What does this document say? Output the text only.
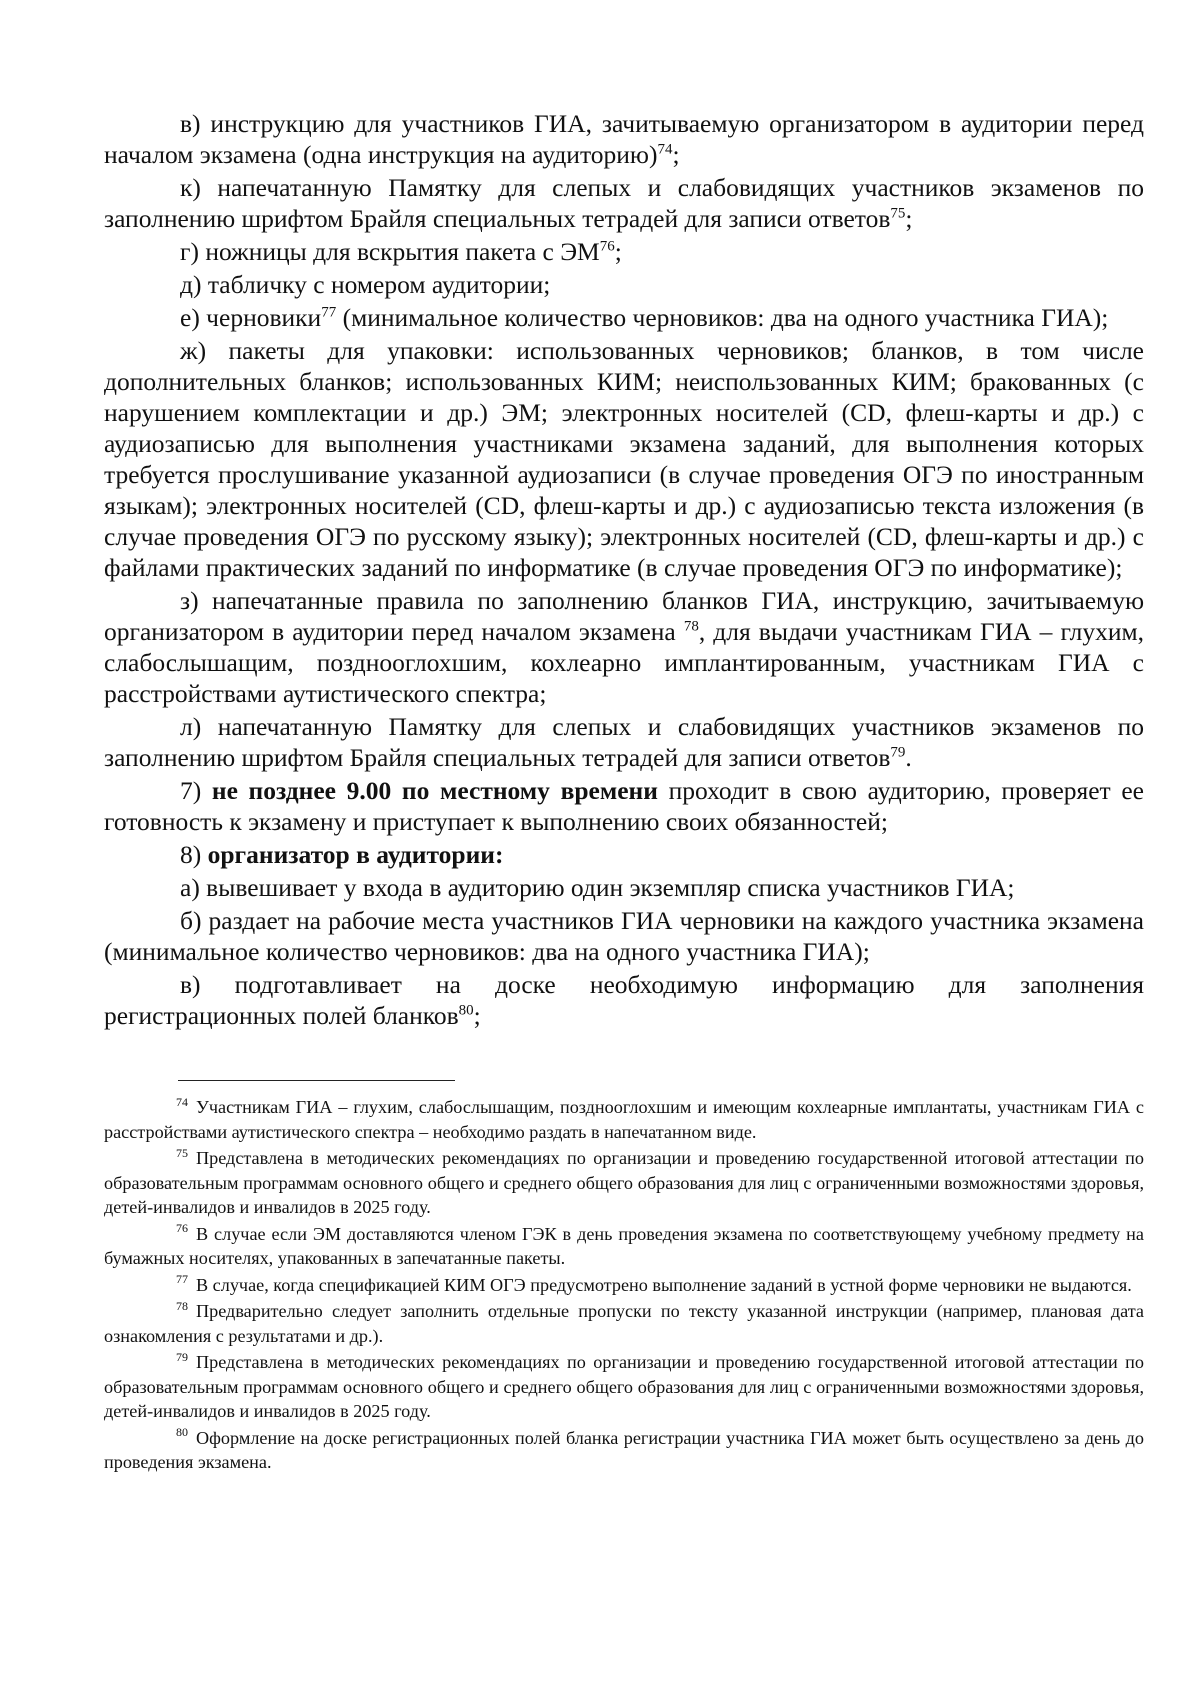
в) инструкцию для участников ГИА, зачитываемую организатором в аудитории перед началом экзамена (одна инструкция на аудиторию)$^{74}$;

к) напечатанную Памятку для слепых и слабовидящих участников экзаменов по заполнению шрифтом Брайля специальных тетрадей для записи ответов$^{75}$;

г) ножницы для вскрытия пакета с ЭМ$^{76}$;

д) табличку с номером аудитории;

е) черновики$^{77}$ (минимальное количество черновиков: два на одного участника ГИА);

ж) пакеты для упаковки: использованных черновиков; бланков, в том числе дополнительных бланков; использованных КИМ; неиспользованных КИМ; бракованных (с нарушением комплектации и др.) ЭМ; электронных носителей (CD, флеш-карты и др.) с аудиозаписью для выполнения участниками экзамена заданий, для выполнения которых требуется прослушивание указанной аудиозаписи (в случае проведения ОГЭ по иностранным языкам); электронных носителей (CD, флеш-карты и др.) с аудиозаписью текста изложения (в случае проведения ОГЭ по русскому языку); электронных носителей (CD, флеш-карты и др.) с файлами практических заданий по информатике (в случае проведения ОГЭ по информатике);

з) напечатанные правила по заполнению бланков ГИА, инструкцию, зачитываемую организатором в аудитории перед началом экзамена $^{78}$, для выдачи участникам ГИА – глухим, слабослышащим, позднооглохшим, кохлеарно имплантированным, участникам ГИА с расстройствами аутистического спектра;

л) напечатанную Памятку для слепых и слабовидящих участников экзаменов по заполнению шрифтом Брайля специальных тетрадей для записи ответов$^{79}$.

7) не позднее 9.00 по местному времени проходит в свою аудиторию, проверяет ее готовность к экзамену и приступает к выполнению своих обязанностей;

8) организатор в аудитории:

а) вывешивает у входа в аудиторию один экземпляр списка участников ГИА;

б) раздает на рабочие места участников ГИА черновики на каждого участника экзамена (минимальное количество черновиков: два на одного участника ГИА);

в) подготавливает на доске необходимую информацию для заполнения регистрационных полей бланков$^{80}$;

$^{74}$ Участникам ГИА – глухим, слабослышащим, позднооглохшим и имеющим кохлеарные имплантаты, участникам ГИА с расстройствами аутистического спектра – необходимо раздать в напечатанном виде.

$^{75}$ Представлена в методических рекомендациях по организации и проведению государственной итоговой аттестации по образовательным программам основного общего и среднего общего образования для лиц с ограниченными возможностями здоровья, детей-инвалидов и инвалидов в 2025 году.

$^{76}$ В случае если ЭМ доставляются членом ГЭК в день проведения экзамена по соответствующему учебному предмету на бумажных носителях, упакованных в запечатанные пакеты.

$^{77}$ В случае, когда спецификацией КИМ ОГЭ предусмотрено выполнение заданий в устной форме черновики не выдаются.

$^{78}$ Предварительно следует заполнить отдельные пропуски по тексту указанной инструкции (например, плановая дата ознакомления с результатами и др.).

$^{79}$ Представлена в методических рекомендациях по организации и проведению государственной итоговой аттестации по образовательным программам основного общего и среднего общего образования для лиц с ограниченными возможностями здоровья, детей-инвалидов и инвалидов в 2025 году.

$^{80}$ Оформление на доске регистрационных полей бланка регистрации участника ГИА может быть осуществлено за день до проведения экзамена.
